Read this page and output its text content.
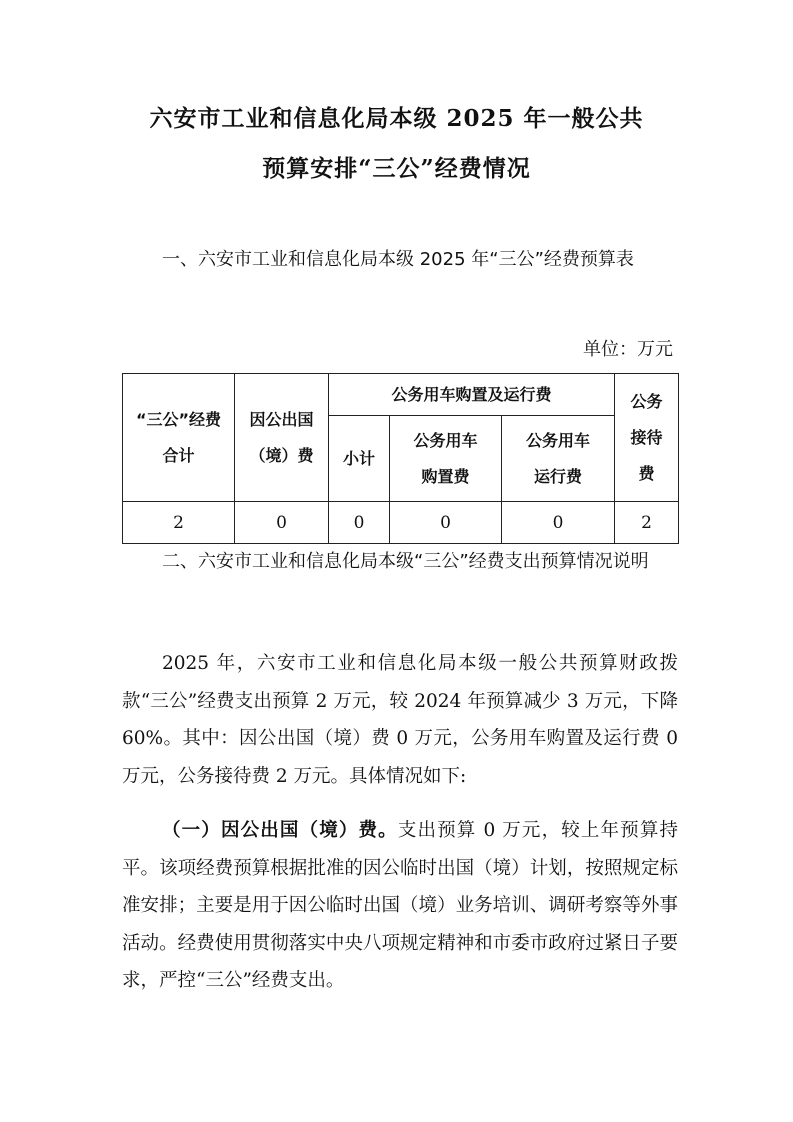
六安市工业和信息化局本级 2025 年一般公共
预算安排“三公”经费情况
一、六安市工业和信息化局本级 2025 年“三公”经费预算表
单位：万元
“三公”经费合计	因公出国（境）费	公务用车购置及运行费			公务接待费
		小计	公务用车购置费	公务用车运行费	
2	0	0	0	0	2
二、六安市工业和信息化局本级“三公”经费支出预算情况说明
2025 年，六安市工业和信息化局本级一般公共预算财政拨款“三公”经费支出预算 2 万元，较 2024 年预算减少 3 万元，下降 60%。其中：因公出国（境）费 0 万元，公务用车购置及运行费 0 万元，公务接待费 2 万元。具体情况如下:
（一）因公出国（境）费。支出预算 0 万元，较上年预算持平。该项经费预算根据批准的因公临时出国（境）计划，按照规定标准安排；主要是用于因公临时出国（境）业务培训、调研考察等外事活动。经费使用贯彻落实中央八项规定精神和市委市政府过紧日子要求，严控“三公”经费支出。
